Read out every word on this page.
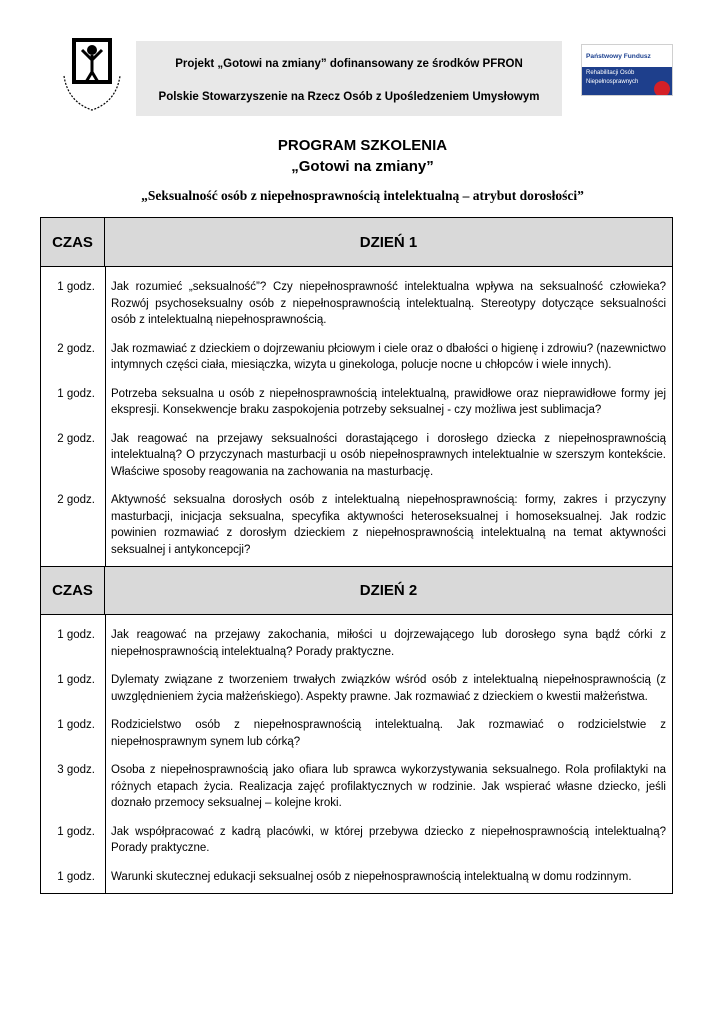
Projekt „Gotowi na zmiany” dofinansowany ze środków PFRON
Polskie Stowarzyszenie na Rzecz Osób z Upośledzeniem Umysłowym
Państwowy Fundusz
Rehabilitacji Osób
Niepełnosprawnych
PROGRAM SZKOLENIA
„Gotowi na zmiany”
„Seksualność osób z niepełnosprawnością intelektualną – atrybut dorosłości”
CZAS	DZIEŃ 1
1 godz.	Jak rozumieć „seksualność”? Czy niepełnosprawność intelektualna wpływa na seksualność człowieka? Rozwój psychoseksualny osób z niepełnosprawnością intelektualną. Stereotypy dotyczące seksualności osób z intelektualną niepełnosprawnością.
2 godz.	Jak rozmawiać z dzieckiem o dojrzewaniu płciowym i ciele oraz o dbałości o higienę i zdrowiu? (nazewnictwo intymnych części ciała, miesiączka, wizyta u ginekologa, polucje nocne u chłopców i wiele innych).
1 godz.	Potrzeba seksualna u osób z niepełnosprawnością intelektualną, prawidłowe oraz nieprawidłowe formy jej ekspresji. Konsekwencje braku zaspokojenia potrzeby seksualnej - czy możliwa jest sublimacja?
2 godz.	Jak reagować na przejawy seksualności dorastającego i dorosłego dziecka z niepełnosprawnością intelektualną? O przyczynach masturbacji u osób niepełnosprawnych intelektualnie w szerszym kontekście. Właściwe sposoby reagowania na zachowania na masturbację.
2 godz.	Aktywność seksualna dorosłych osób z intelektualną niepełnosprawnością: formy, zakres i przyczyny masturbacji, inicjacja seksualna, specyfika aktywności heteroseksualnej i homoseksualnej. Jak rodzic powinien rozmawiać z dorosłym dzieckiem z niepełnosprawnością intelektualną na temat aktywności seksualnej i antykoncepcji?
CZAS	DZIEŃ 2
1 godz.	Jak reagować na przejawy zakochania, miłości u dojrzewającego lub dorosłego syna bądź córki z niepełnosprawnością intelektualną? Porady praktyczne.
1 godz.	Dylematy związane z tworzeniem trwałych związków wśród osób z intelektualną niepełnosprawnością (z uwzględnieniem życia małżeńskiego). Aspekty prawne. Jak rozmawiać z dzieckiem o kwestii małżeństwa.
1 godz.	Rodzicielstwo osób z niepełnosprawnością intelektualną. Jak rozmawiać o rodzicielstwie z niepełnosprawnym synem lub córką?
3 godz.	Osoba z niepełnosprawnością jako ofiara lub sprawca wykorzystywania seksualnego. Rola profilaktyki na różnych etapach życia. Realizacja zajęć profilaktycznych w rodzinie. Jak wspierać własne dziecko, jeśli doznało przemocy seksualnej – kolejne kroki.
1 godz.	Jak współpracować z kadrą placówki, w której przebywa dziecko z niepełnosprawnością intelektualną? Porady praktyczne.
1 godz.	Warunki skutecznej edukacji seksualnej osób z niepełnosprawnością intelektualną w domu rodzinnym.
